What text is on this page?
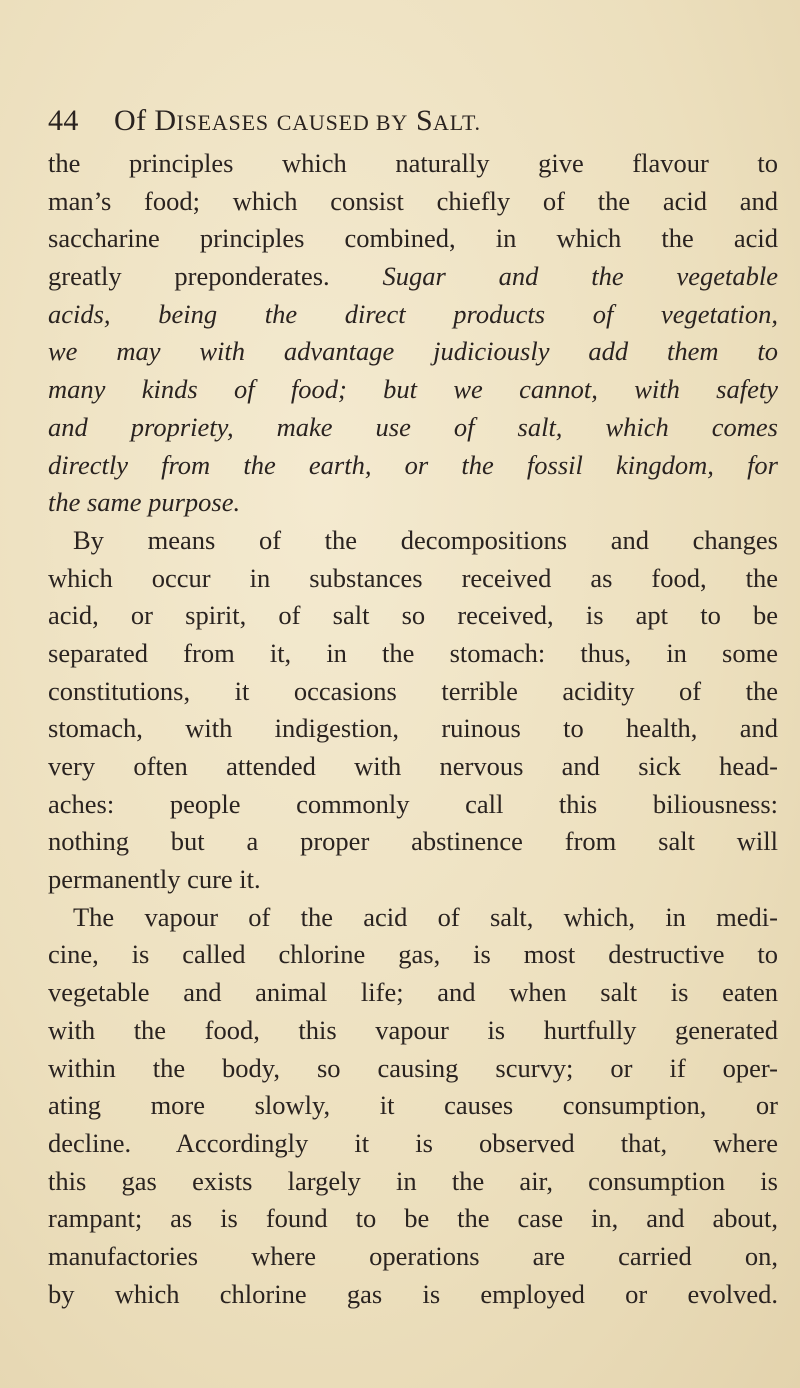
44 Of DISEASES CAUSED BY SALT.
the principles which naturally give flavour to
man’s food; which consist chiefly of the acid and
saccharine principles combined, in which the acid
greatly preponderates. Sugar and the vegetable
acids, being the direct products of vegetation,
we may with advantage judiciously add them to
many kinds of food; but we cannot, with safety
and propriety, make use of salt, which comes
directly from the earth, or the fossil kingdom, for
the same purpose.
By means of the decompositions and changes
which occur in substances received as food, the
acid, or spirit, of salt so received, is apt to be
separated from it, in the stomach: thus, in some
constitutions, it occasions terrible acidity of the
stomach, with indigestion, ruinous to health, and
very often attended with nervous and sick head-
aches: people commonly call this biliousness:
nothing but a proper abstinence from salt will
permanently cure it.
The vapour of the acid of salt, which, in medi-
cine, is called chlorine gas, is most destructive to
vegetable and animal life; and when salt is eaten
with the food, this vapour is hurtfully generated
within the body, so causing scurvy; or if oper-
ating more slowly, it causes consumption, or
decline. Accordingly it is observed that, where
this gas exists largely in the air, consumption is
rampant; as is found to be the case in, and about,
manufactories where operations are carried on,
by which chlorine gas is employed or evolved.
